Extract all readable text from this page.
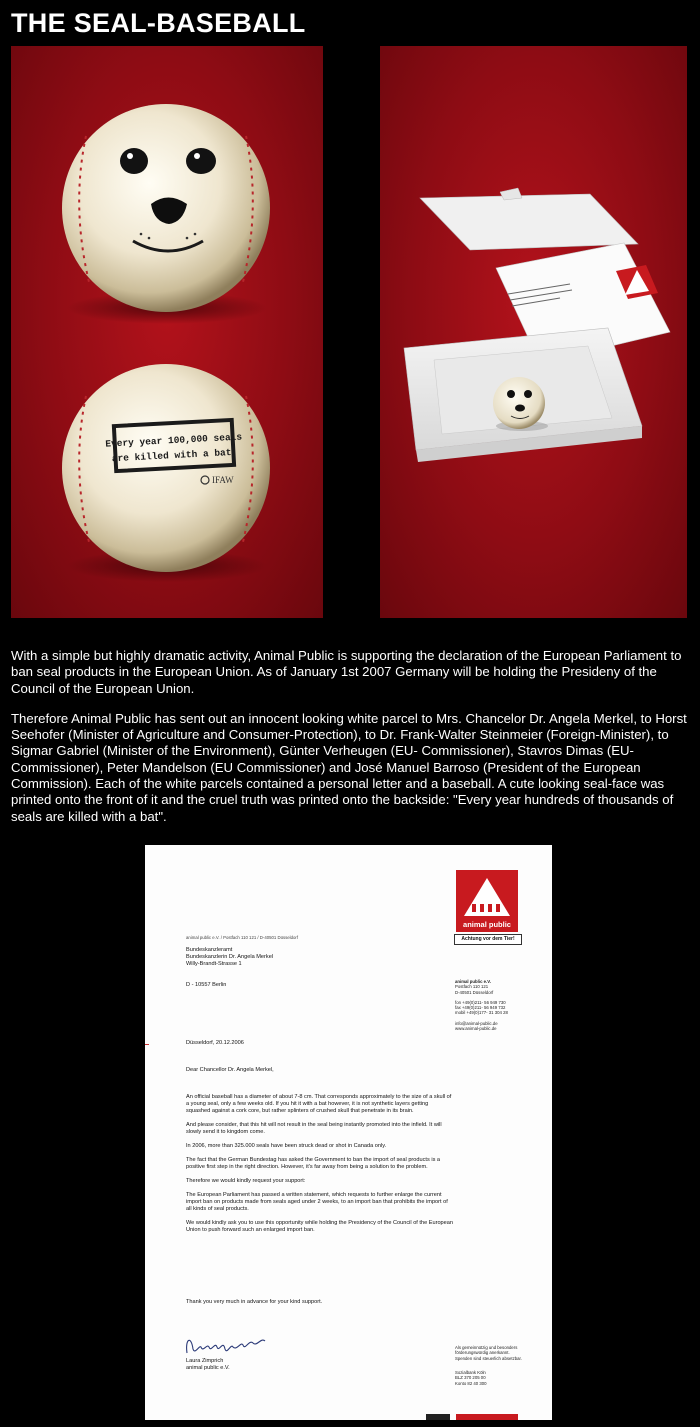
THE SEAL-BASEBALL
Every year 100,000 seals
are killed with a bat.
IFAW

With a simple but highly dramatic activity, Animal Public is supporting the declaration of the European Parliament to ban seal products in the European Union. As of January 1st 2007 Germany will be holding the Presideny of the Council of the European Union.

Therefore Animal Public has sent out an innocent looking white parcel to Mrs. Chancelor Dr. Angela Merkel, to Horst Seehofer (Minister of Agriculture and Consumer-Protection), to Dr. Frank-Walter Steinmeier (Foreign-Minister), to Sigmar Gabriel (Minister of the Environment), Günter Verheugen (EU- Commissioner), Stavros Dimas (EU-Commissioner), Peter Mandelson (EU Commissioner) and José Manuel Barroso (President of the European Commission). Each of the white parcels contained a personal letter and a baseball. A cute looking seal-face was printed onto the front of it and the cruel truth was printed onto the backside: "Every year hundreds of thousands of seals are killed with a bat".

animal public
Achtung vor dem Tier!
animal public e.V. / Postfach 110 121 / D-40501 Düsseldorf
Bundeskanzleramt
Bundeskanzlerin Dr. Angela Merkel
Willy-Brandt-Strasse 1
D - 10557 Berlin
animal public e.V.
Postfach 110 121
D-40501 Düsseldorf
fon +49(0)211- 56 949 730
fax +49(0)211- 56 949 732
mobil +49(0)177- 31 304 28
info@animal-public.de
www.animal-public.de
Düsseldorf, 20.12.2006
Dear Chancellor Dr. Angela Merkel,

An official baseball has a diameter of about 7-8 cm. That corresponds approximately to the size of a skull of a young seal, only a few weeks old. If you hit it with a bat however, it is not synthetic layers getting squashed against a cork core, but rather splinters of crushed skull that penetrate in its brain.

And please consider, that this hit will not result in the seal being instantly promoted into the infield. It will slowly send it to kingdom come.

In 2006, more than 325.000 seals have been struck dead or shot in Canada only.

The fact that the German Bundestag has asked the Government to ban the import of seal products is a positive first step in the right direction. However, it's far away from being a solution to the problem.

Therefore we would kindly request your support:

The European Parliament has passed a written statement, which requests to further enlarge the current import ban on products made from seals aged under 2 weeks, to an import ban that prohibits the import of all kinds of seal products.

We would kindly ask you to use this opportunity while holding the Presidency of the Council of the European Union to push forward such an enlarged import ban.

Thank you very much in advance for your kind support.
Laura Zimprich
animal public e.V.
Als gemeinnützig und besonders
förderungswürdig anerkannt.
Spenden sind steuerlich absetzbar.
Sozialbank Köln
BLZ 370 205 00
Konto 82 40 300
